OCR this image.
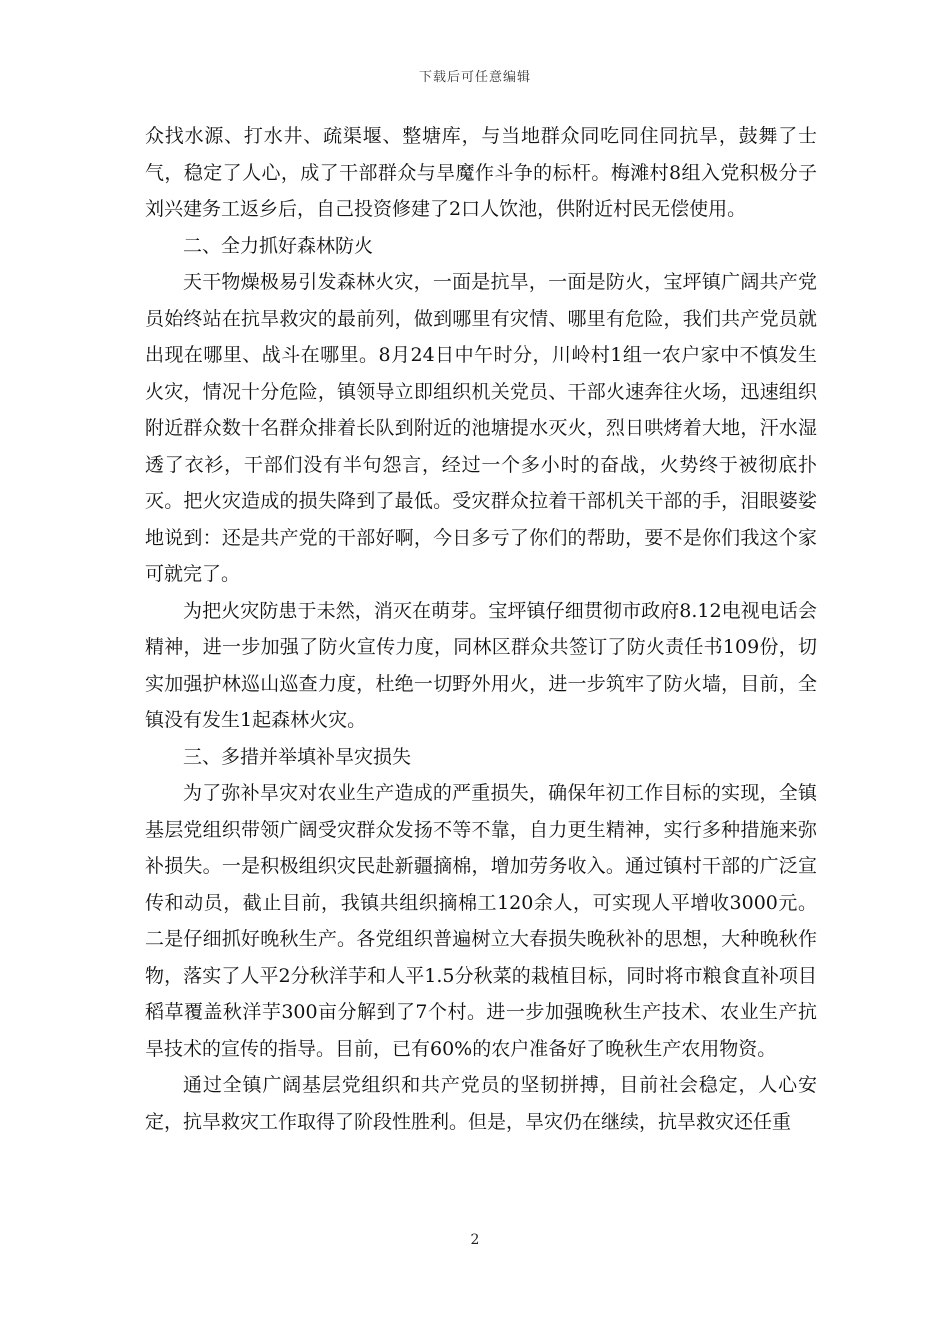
下载后可任意编辑

众找水源、打水井、疏渠堰、整塘库，与当地群众同吃同住同抗旱，鼓舞了士气，稳定了人心，成了干部群众与旱魔作斗争的标杆。梅滩村8组入党积极分子刘兴建务工返乡后，自己投资修建了2口人饮池，供附近村民无偿使用。

二、全力抓好森林防火

天干物燥极易引发森林火灾，一面是抗旱，一面是防火，宝坪镇广阔共产党员始终站在抗旱救灾的最前列，做到哪里有灾情、哪里有危险，我们共产党员就出现在哪里、战斗在哪里。8月24日中午时分，川岭村1组一农户家中不慎发生火灾，情况十分危险，镇领导立即组织机关党员、干部火速奔往火场，迅速组织附近群众数十名群众排着长队到附近的池塘提水灭火，烈日哄烤着大地，汗水湿透了衣衫，干部们没有半句怨言，经过一个多小时的奋战，火势终于被彻底扑灭。把火灾造成的损失降到了最低。受灾群众拉着干部机关干部的手，泪眼婆娑地说到：还是共产党的干部好啊，今日多亏了你们的帮助，要不是你们我这个家可就完了。

为把火灾防患于未然，消灭在萌芽。宝坪镇仔细贯彻市政府8.12电视电话会精神，进一步加强了防火宣传力度，同林区群众共签订了防火责任书109份，切实加强护林巡山巡查力度，杜绝一切野外用火，进一步筑牢了防火墙，目前，全镇没有发生1起森林火灾。

三、多措并举填补旱灾损失

为了弥补旱灾对农业生产造成的严重损失，确保年初工作目标的实现，全镇基层党组织带领广阔受灾群众发扬不等不靠，自力更生精神，实行多种措施来弥补损失。一是积极组织灾民赴新疆摘棉，增加劳务收入。通过镇村干部的广泛宣传和动员，截止目前，我镇共组织摘棉工120余人，可实现人平增收3000元。二是仔细抓好晚秋生产。各党组织普遍树立大春损失晚秋补的思想，大种晚秋作物，落实了人平2分秋洋芋和人平1.5分秋菜的栽植目标，同时将市粮食直补项目稻草覆盖秋洋芋300亩分解到了7个村。进一步加强晚秋生产技术、农业生产抗旱技术的宣传的指导。目前，已有60%的农户准备好了晚秋生产农用物资。

通过全镇广阔基层党组织和共产党员的坚韧拼搏，目前社会稳定，人心安定，抗旱救灾工作取得了阶段性胜利。但是，旱灾仍在继续，抗旱救灾还任重

2
